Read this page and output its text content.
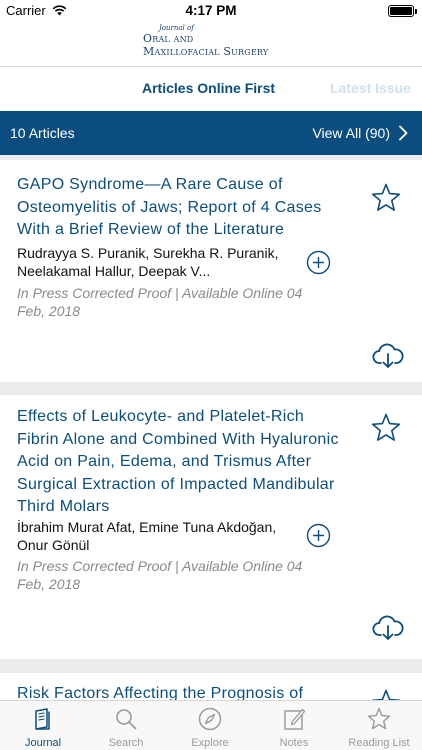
Carrier	4:17 PM
Journal of
Oral and
Maxillofacial Surgery
Articles Online First	Latest Issue
10 Articles	View All (90)
GAPO Syndrome—A Rare Cause of Osteomyelitis of Jaws; Report of 4 Cases With a Brief Review of the Literature
Rudrayya S. Puranik, Surekha R. Puranik, Neelakamal Hallur, Deepak V...
In Press Corrected Proof | Available Online 04 Feb, 2018
Effects of Leukocyte- and Platelet-Rich Fibrin Alone and Combined With Hyaluronic Acid on Pain, Edema, and Trismus After Surgical Extraction of Impacted Mandibular Third Molars
İbrahim Murat Afat, Emine Tuna Akdoğan, Onur Gönül
In Press Corrected Proof | Available Online 04 Feb, 2018
Risk Factors Affecting the Prognosis of
Journal	Search	Explore	Notes	Reading List
